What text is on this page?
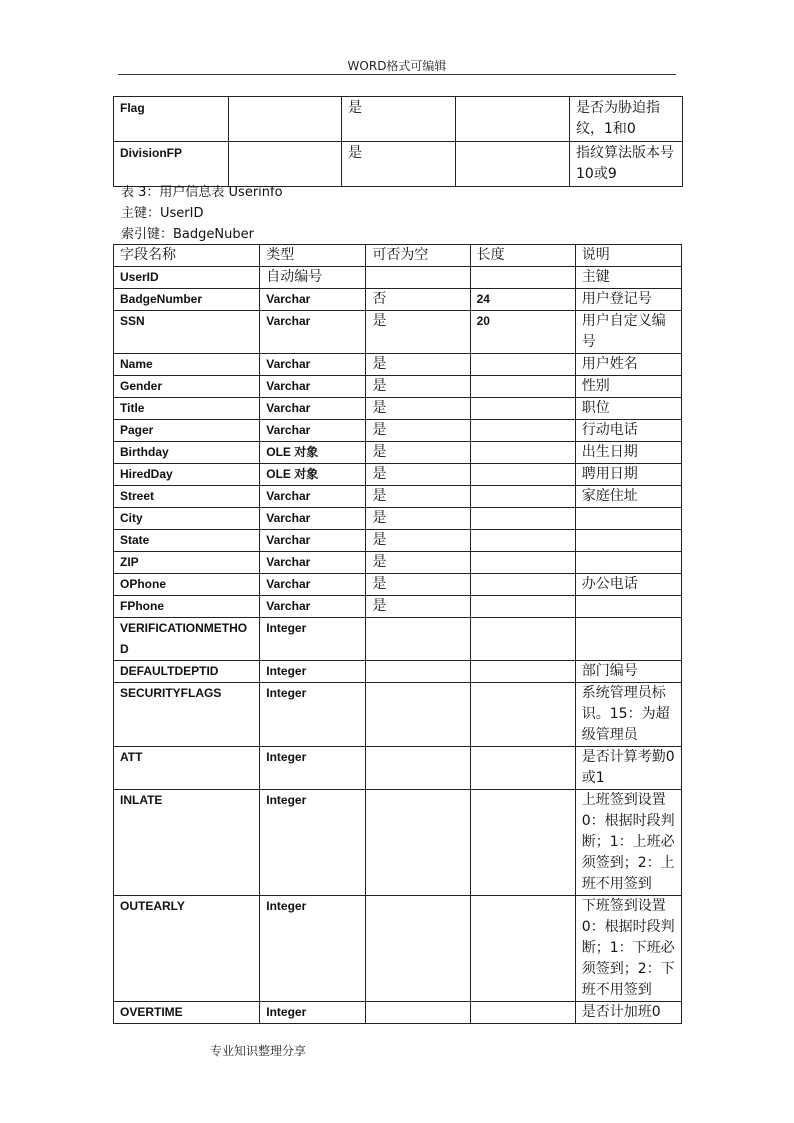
WORD格式可编辑
Flag		是		是否为胁迫指纹，1和0
DivisionFP		是		指纹算法版本号10或9
表 3：用户信息表 Userinfo
主键：UserID
索引键：BadgeNuber
字段名称	类型	可否为空	长度	说明
UserID	自动编号			主键
BadgeNumber	Varchar	否	24	用户登记号
SSN	Varchar	是	20	用户自定义编号
Name	Varchar	是		用户姓名
Gender	Varchar	是		性别
Title	Varchar	是		职位
Pager	Varchar	是		行动电话
Birthday	OLE 对象	是		出生日期
HiredDay	OLE 对象	是		聘用日期
Street	Varchar	是		家庭住址
City	Varchar	是		
State	Varchar	是		
ZIP	Varchar	是		
OPhone	Varchar	是		办公电话
FPhone	Varchar	是		
VERIFICATIONMETHOD	Integer			
DEFAULTDEPTID	Integer			部门编号
SECURITYFLAGS	Integer			系统管理员标识。15：为超级管理员
ATT	Integer			是否计算考勤0或1
INLATE	Integer			上班签到设置0：根据时段判断；1：上班必须签到；2：上班不用签到
OUTEARLY	Integer			下班签到设置0：根据时段判断；1：下班必须签到；2：下班不用签到
OVERTIME	Integer			是否计加班0
专业知识整理分享
